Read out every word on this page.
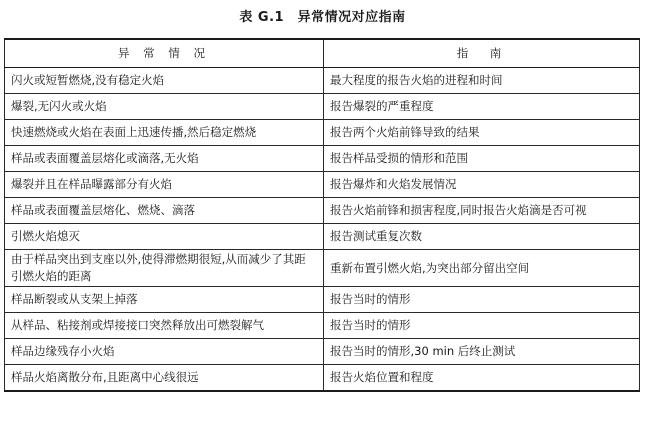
表 G.1　异常情况对应指南
异 常 情 况	指　南
闪火或短暂燃烧,没有稳定火焰	最大程度的报告火焰的进程和时间
爆裂,无闪火或火焰	报告爆裂的严重程度
快速燃烧或火焰在表面上迅速传播,然后稳定燃烧	报告两个火焰前锋导致的结果
样品或表面覆盖层熔化或滴落,无火焰	报告样品受损的情形和范围
爆裂并且在样品曝露部分有火焰	报告爆炸和火焰发展情况
样品或表面覆盖层熔化、燃烧、滴落	报告火焰前锋和损害程度,同时报告火焰滴是否可视
引燃火焰熄灭	报告测试重复次数
由于样品突出到支座以外,使得滞燃期很短,从而减少了其距引燃火焰的距离	重新布置引燃火焰,为突出部分留出空间
样品断裂或从支架上掉落	报告当时的情形
从样品、粘接剂或焊接接口突然释放出可燃裂解气	报告当时的情形
样品边缘残存小火焰	报告当时的情形,30 min 后终止测试
样品火焰离散分布,且距离中心线很远	报告火焰位置和程度
